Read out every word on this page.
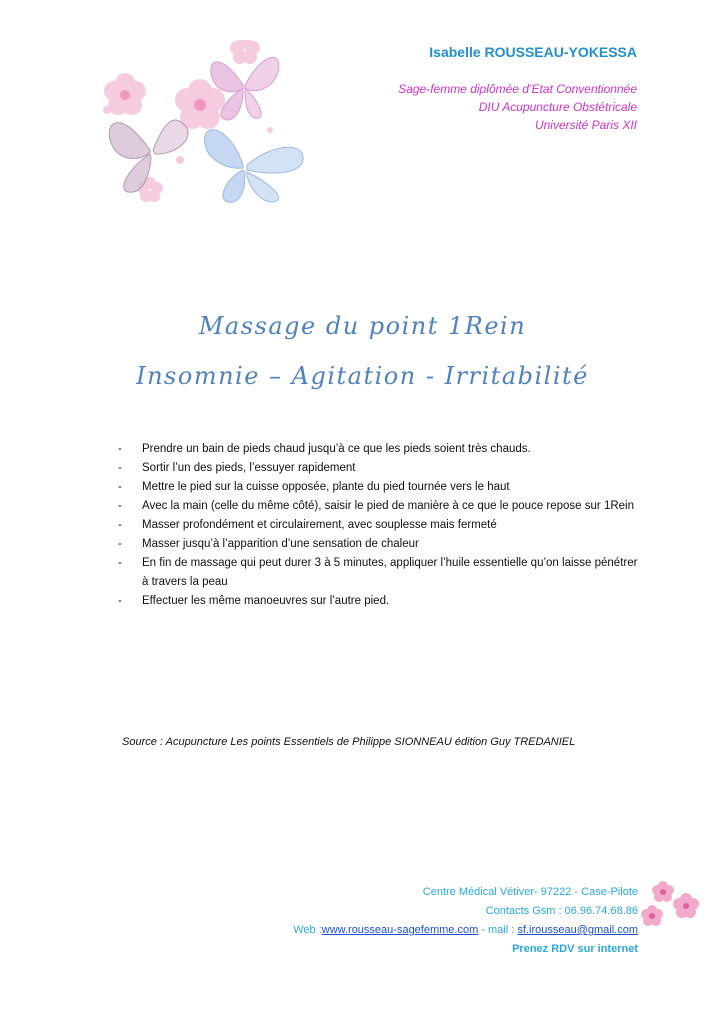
Isabelle ROUSSEAU-YOKESSA
Sage-femme diplômée d’Etat Conventionnée
DIU Acupuncture Obstétricale
Université Paris XII
Massage du point 1Rein
Insomnie – Agitation - Irritabilité
- Prendre un bain de pieds chaud jusqu’à ce que les pieds soient très chauds.
- Sortir l’un des pieds, l’essuyer rapidement
- Mettre le pied sur la cuisse opposée, plante du pied tournée vers le haut
- Avec la main (celle du même côté), saisir le pied de manière à ce que le pouce repose sur 1Rein
- Masser profondément et circulairement, avec souplesse mais fermeté
- Masser jusqu’à l’apparition d’une sensation de chaleur
- En fin de massage qui peut durer 3 à 5 minutes, appliquer l’huile essentielle qu’on laisse pénétrer à travers la peau
- Effectuer les même manoeuvres sur l’autre pied.
Source : Acupuncture Les points Essentiels de Philippe SIONNEAU édition Guy TREDANIEL
Centre Médical Vétiver- 97222 - Case-Pilote
Contacts Gsm : 06.96.74.68.86
Web :www.rousseau-sagefemme.com - mail : sf.irousseau@gmail.com
Prenez RDV sur internet
